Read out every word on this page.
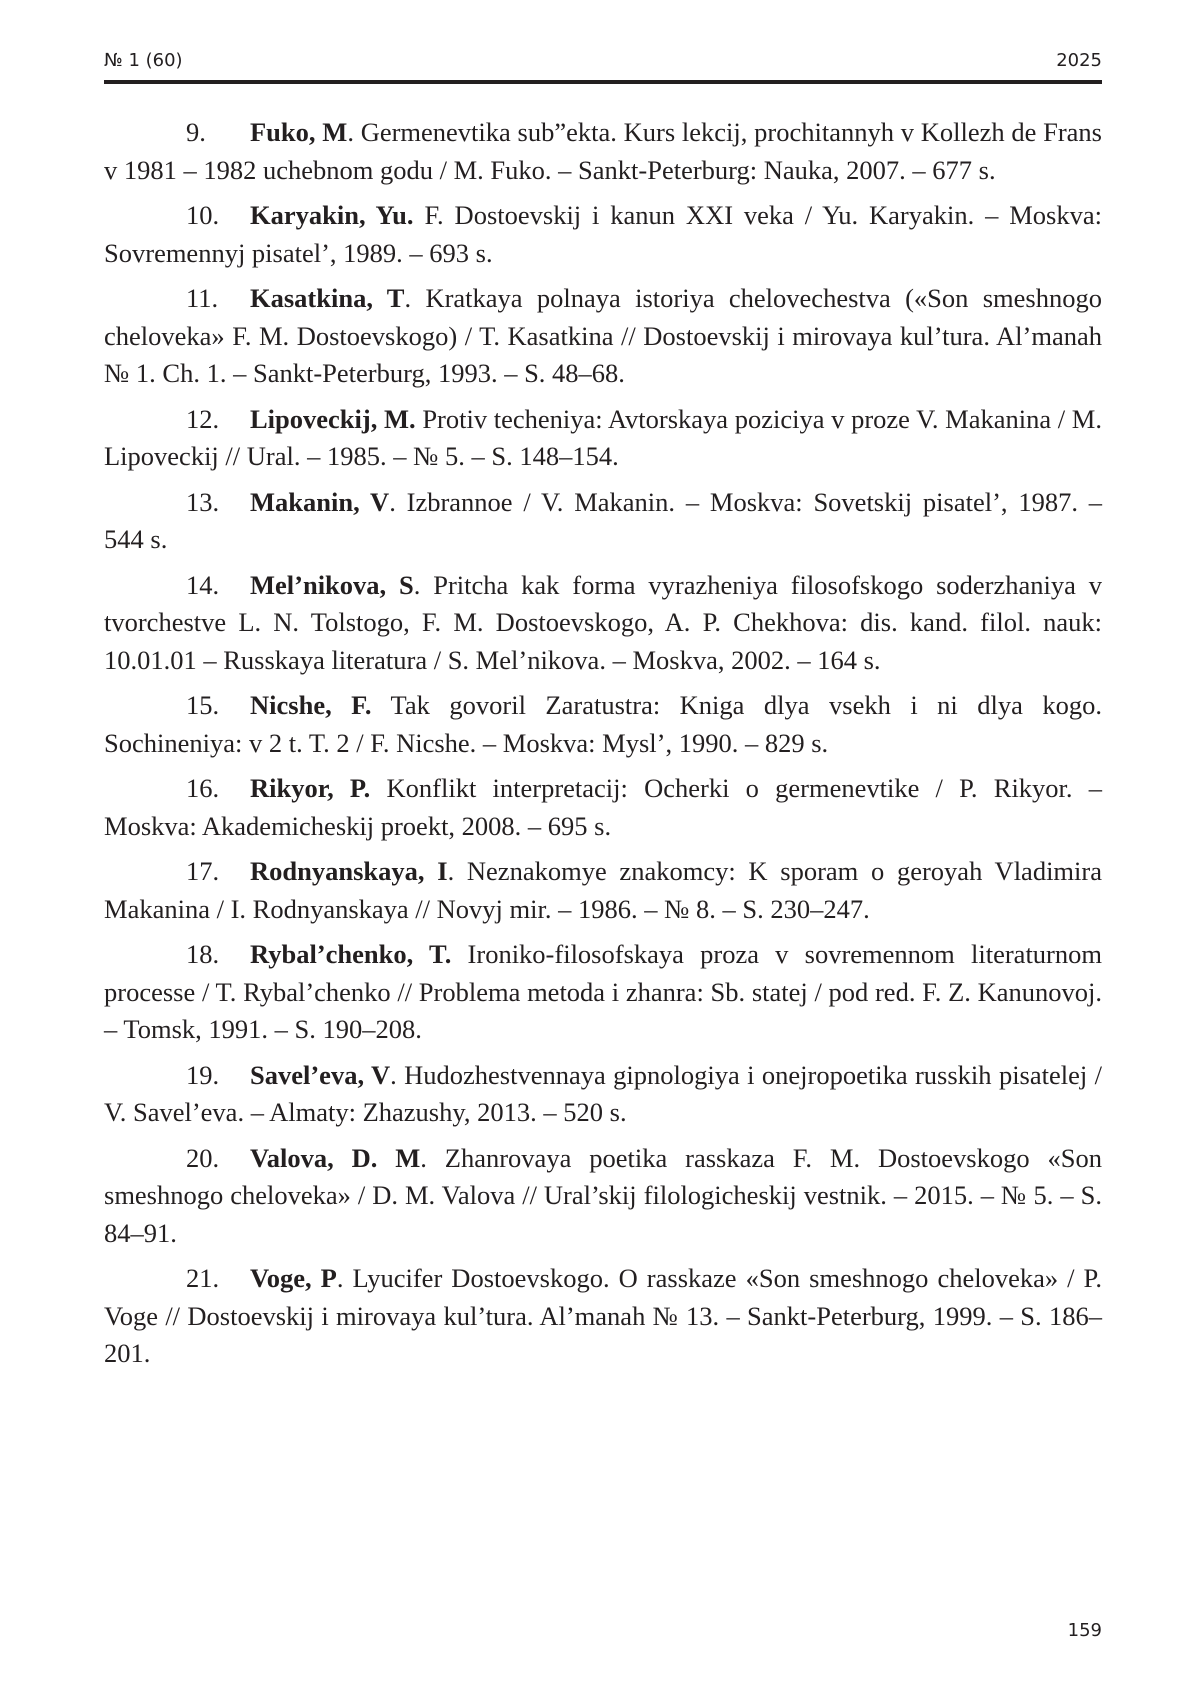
№ 1 (60)	2025
9. Fuko, M. Germenevtika sub”ekta. Kurs lekcij, prochitannyh v Kollezh de Frans v 1981 – 1982 uchebnom godu / M. Fuko. – Sankt-Peterburg: Nauka, 2007. – 677 s.
10. Karyakin, Yu. F. Dostoevskij i kanun XXI veka / Yu. Karyakin. – Moskva: Sovremennyj pisatel’, 1989. – 693 s.
11. Kasatkina, T. Kratkaya polnaya istoriya chelovechestva («Son smeshnogo cheloveka» F. M. Dostoevskogo) / T. Kasatkina // Dostoevskij i mirovaya kul’tura. Al’manah № 1. Ch. 1. – Sankt-Peterburg, 1993. – S. 48–68.
12. Lipoveckij, M. Protiv techeniya: Avtorskaya poziciya v proze V. Makanina / M. Lipoveckij // Ural. – 1985. – № 5. – S. 148–154.
13. Makanin, V. Izbrannoe / V. Makanin. – Moskva: Sovetskij pisatel’, 1987. – 544 s.
14. Mel’nikova, S. Pritcha kak forma vyrazheniya filosofskogo soderzhaniya v tvorchestve L. N. Tolstogo, F. M. Dostoevskogo, A. P. Chekhova: dis. kand. filol. nauk: 10.01.01 – Russkaya literatura / S. Mel’nikova. – Moskva, 2002. – 164 s.
15. Nicshe, F. Tak govoril Zaratustra: Kniga dlya vsekh i ni dlya kogo. Sochineniya: v 2 t. T. 2 / F. Nicshe. – Moskva: Mysl’, 1990. – 829 s.
16. Rikyor, P. Konflikt interpretacij: Ocherki o germenevtike / P. Rikyor. – Moskva: Akademicheskij proekt, 2008. – 695 s.
17. Rodnyanskaya, I. Neznakomye znakomcy: K sporam o geroyah Vladimira Makanina / I. Rodnyanskaya // Novyj mir. – 1986. – № 8. – S. 230–247.
18. Rybal’chenko, T. Ironiko-filosofskaya proza v sovremennom literaturnom processe / T. Rybal’chenko // Problema metoda i zhanra: Sb. statej / pod red. F. Z. Kanunovoj. – Tomsk, 1991. – S. 190–208.
19. Savel’eva, V. Hudozhestvennaya gipnologiya i onejropoetika russkih pisatelej / V. Savel’eva. – Almaty: Zhazushy, 2013. – 520 s.
20. Valova, D. M. Zhanrovaya poetika rasskaza F. M. Dostoevskogo «Son smeshnogo cheloveka» / D. M. Valova // Ural’skij filologicheskij vestnik. – 2015. – № 5. – S. 84–91.
21. Voge, P. Lyucifer Dostoevskogo. O rasskaze «Son smeshnogo cheloveka» / P. Voge // Dostoevskij i mirovaya kul’tura. Al’manah № 13. – Sankt-Peterburg, 1999. – S. 186–201.
159
